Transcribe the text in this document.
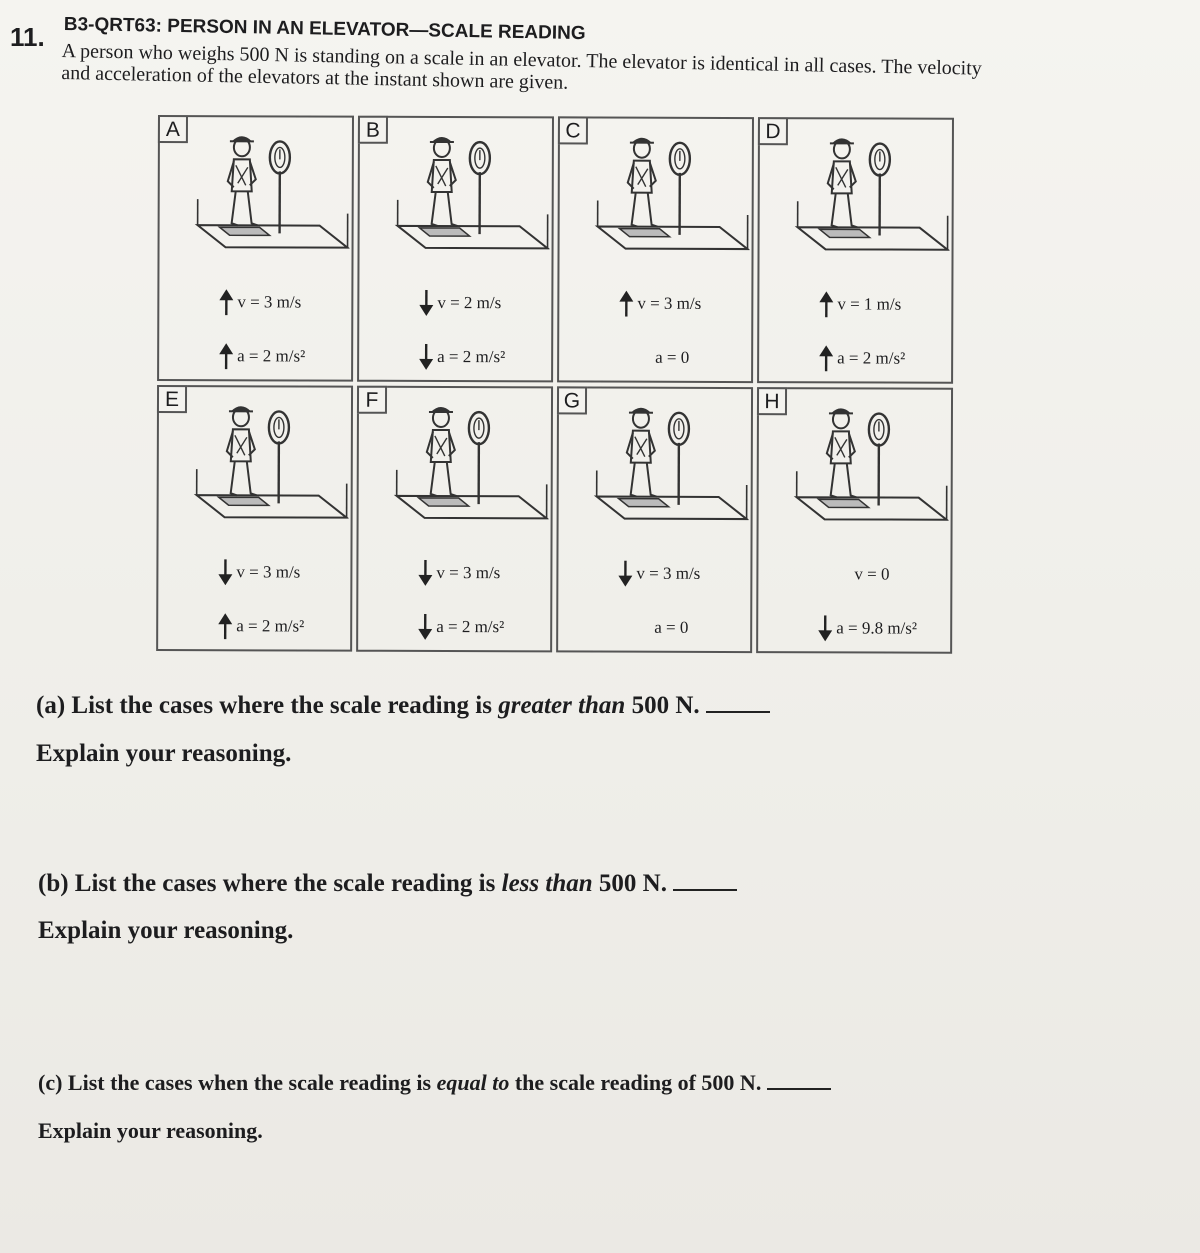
11. B3-QRT63: PERSON IN AN ELEVATOR—SCALE READING
A person who weighs 500 N is standing on a scale in an elevator. The elevator is identical in all cases. The velocity and acceleration of the elevators at the instant shown are given.
A
v = 3 m/s
a = 2 m/s²
B
v = 2 m/s
a = 2 m/s²
C
v = 3 m/s
a = 0
D
v = 1 m/s
a = 2 m/s²
E
v = 3 m/s
a = 2 m/s²
F
v = 3 m/s
a = 2 m/s²
G
v = 3 m/s
a = 0
H
v = 0
a = 9.8 m/s²
(a) List the cases where the scale reading is greater than 500 N.
Explain your reasoning.
(b) List the cases where the scale reading is less than 500 N.
Explain your reasoning.
(c) List the cases when the scale reading is equal to the scale reading of 500 N.
Explain your reasoning.
